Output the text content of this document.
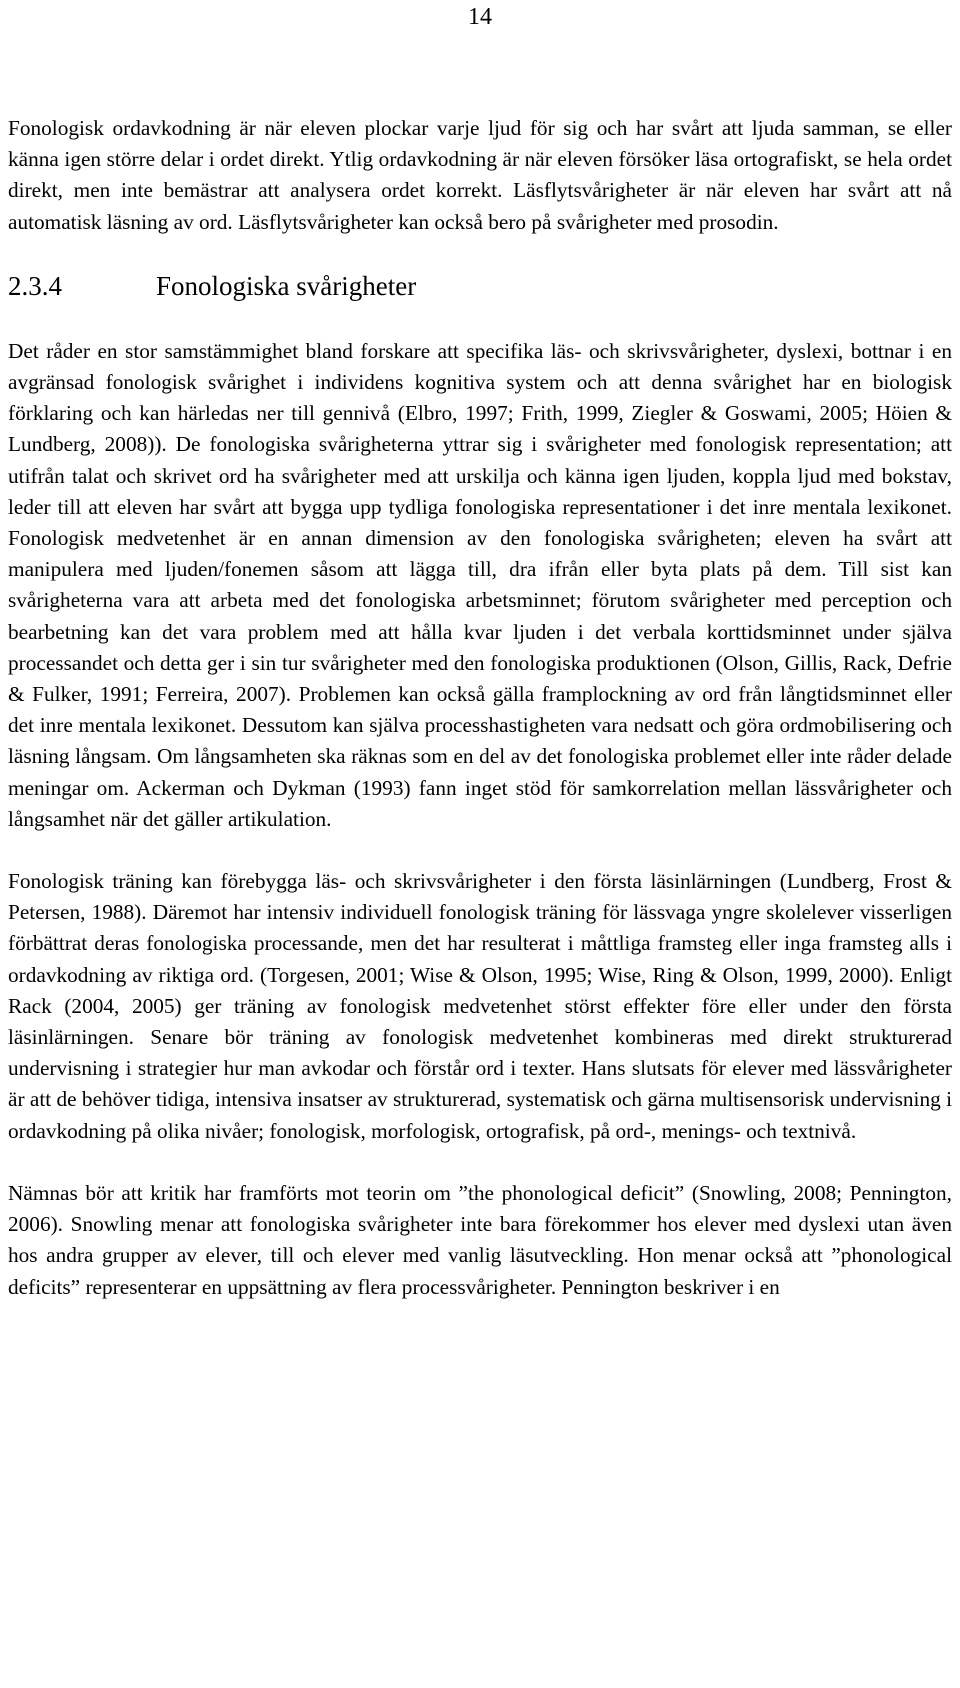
14

Fonologisk ordavkodning är när eleven plockar varje ljud för sig och har svårt att ljuda samman, se eller känna igen större delar i ordet direkt. Ytlig ordavkodning är när eleven försöker läsa ortografiskt, se hela ordet direkt, men inte bemästrar att analysera ordet korrekt. Läsflytsvårigheter är när eleven har svårt att nå automatisk läsning av ord. Läsflytsvårigheter kan också bero på svårigheter med prosodin.

2.3.4	Fonologiska svårigheter

Det råder en stor samstämmighet bland forskare att specifika läs- och skrivsvårigheter, dyslexi, bottnar i en avgränsad fonologisk svårighet i individens kognitiva system och att denna svårighet har en biologisk förklaring och kan härledas ner till gennivå (Elbro, 1997; Frith, 1999, Ziegler & Goswami, 2005; Höien & Lundberg, 2008)). De fonologiska svårigheterna yttrar sig i svårigheter med fonologisk representation; att utifrån talat och skrivet ord ha svårigheter med att urskilja och känna igen ljuden, koppla ljud med bokstav, leder till att eleven har svårt att bygga upp tydliga fonologiska representationer i det inre mentala lexikonet. Fonologisk medvetenhet är en annan dimension av den fonologiska svårigheten; eleven ha svårt att manipulera med ljuden/fonemen såsom att lägga till, dra ifrån eller byta plats på dem. Till sist kan svårigheterna vara att arbeta med det fonologiska arbetsminnet; förutom svårigheter med perception och bearbetning kan det vara problem med att hålla kvar ljuden i det verbala korttidsminnet under själva processandet och detta ger i sin tur svårigheter med den fonologiska produktionen (Olson, Gillis, Rack, Defrie & Fulker, 1991; Ferreira, 2007). Problemen kan också gälla framplockning av ord från långtidsminnet eller det inre mentala lexikonet. Dessutom kan själva processhastigheten vara nedsatt och göra ordmobilisering och läsning långsam. Om långsamheten ska räknas som en del av det fonologiska problemet eller inte råder delade meningar om. Ackerman och Dykman (1993) fann inget stöd för samkorrelation mellan lässvårigheter och långsamhet när det gäller artikulation.

Fonologisk träning kan förebygga läs- och skrivsvårigheter i den första läsinlärningen (Lundberg, Frost & Petersen, 1988). Däremot har intensiv individuell fonologisk träning för lässvaga yngre skolelever visserligen förbättrat deras fonologiska processande, men det har resulterat i måttliga framsteg eller inga framsteg alls i ordavkodning av riktiga ord. (Torgesen, 2001; Wise & Olson, 1995; Wise, Ring & Olson, 1999, 2000). Enligt Rack (2004, 2005) ger träning av fonologisk medvetenhet störst effekter före eller under den första läsinlärningen. Senare bör träning av fonologisk medvetenhet kombineras med direkt strukturerad undervisning i strategier hur man avkodar och förstår ord i texter. Hans slutsats för elever med lässvårigheter är att de behöver tidiga, intensiva insatser av strukturerad, systematisk och gärna multisensorisk undervisning i ordavkodning på olika nivåer; fonologisk, morfologisk, ortografisk, på ord-, menings- och textnivå.

Nämnas bör att kritik har framförts mot teorin om ”the phonological deficit” (Snowling, 2008; Pennington, 2006). Snowling menar att fonologiska svårigheter inte bara förekommer hos elever med dyslexi utan även hos andra grupper av elever, till och elever med vanlig läsutveckling. Hon menar också att ”phonological deficits” representerar en uppsättning av flera processvårigheter. Pennington beskriver i en
